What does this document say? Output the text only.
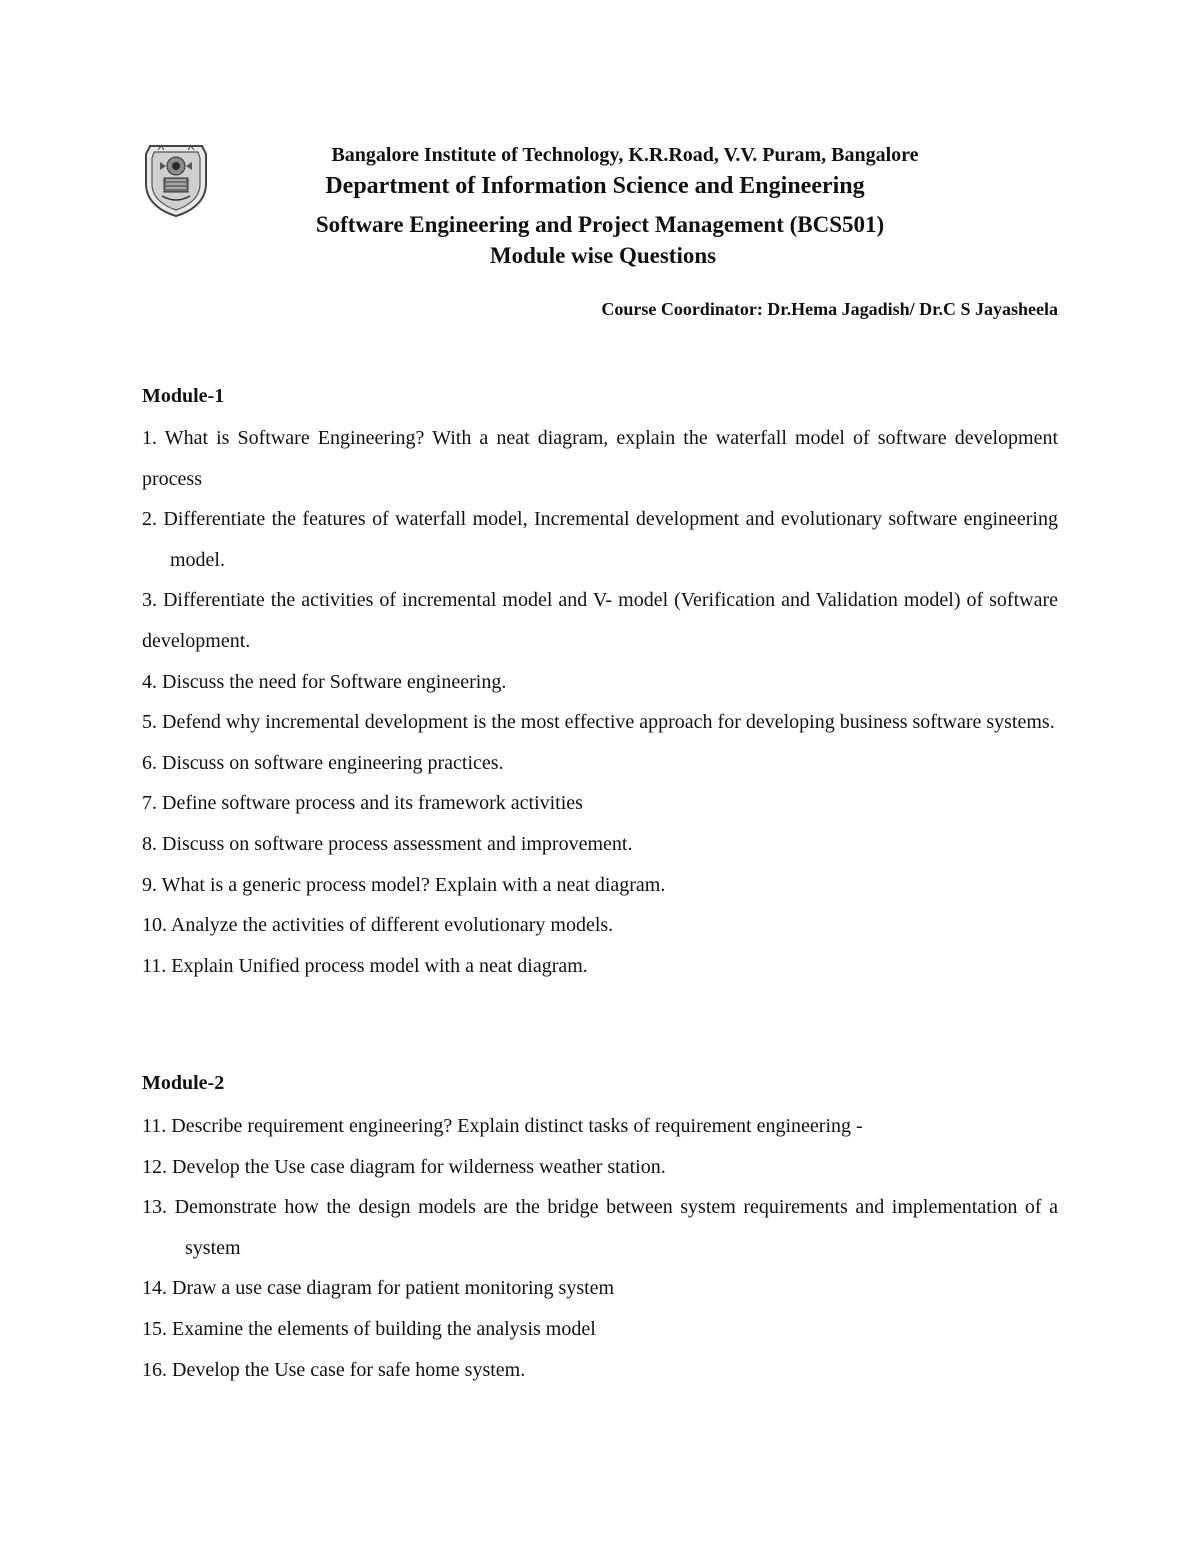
Bangalore Institute of Technology, K.R.Road, V.V. Puram, Bangalore
Department of Information Science and Engineering
Software Engineering and Project Management (BCS501)
Module wise Questions
Course Coordinator: Dr.Hema Jagadish/ Dr.C S Jayasheela
Module-1

1. What is Software Engineering? With a neat diagram, explain the waterfall model of software development process

2. Differentiate the features of waterfall model, Incremental development and evolutionary software engineering model.

3. Differentiate the activities of incremental model and V- model (Verification and Validation model) of software development.

4. Discuss the need for Software engineering.

5. Defend why incremental development is the most effective approach for developing business software systems.

6. Discuss on software engineering practices.

7. Define software process and its framework activities

8. Discuss on software process assessment and improvement.

9. What is a generic process model? Explain with a neat diagram.

10. Analyze the activities of different evolutionary models.

11. Explain Unified process model with a neat diagram.

Module-2

11. Describe requirement engineering? Explain distinct tasks of requirement engineering -

12. Develop the Use case diagram for wilderness weather station.

13. Demonstrate how the design models are the bridge between system requirements and implementation of a system

14. Draw a use case diagram for patient monitoring system

15. Examine the elements of building the analysis model

16. Develop the Use case for safe home system.
